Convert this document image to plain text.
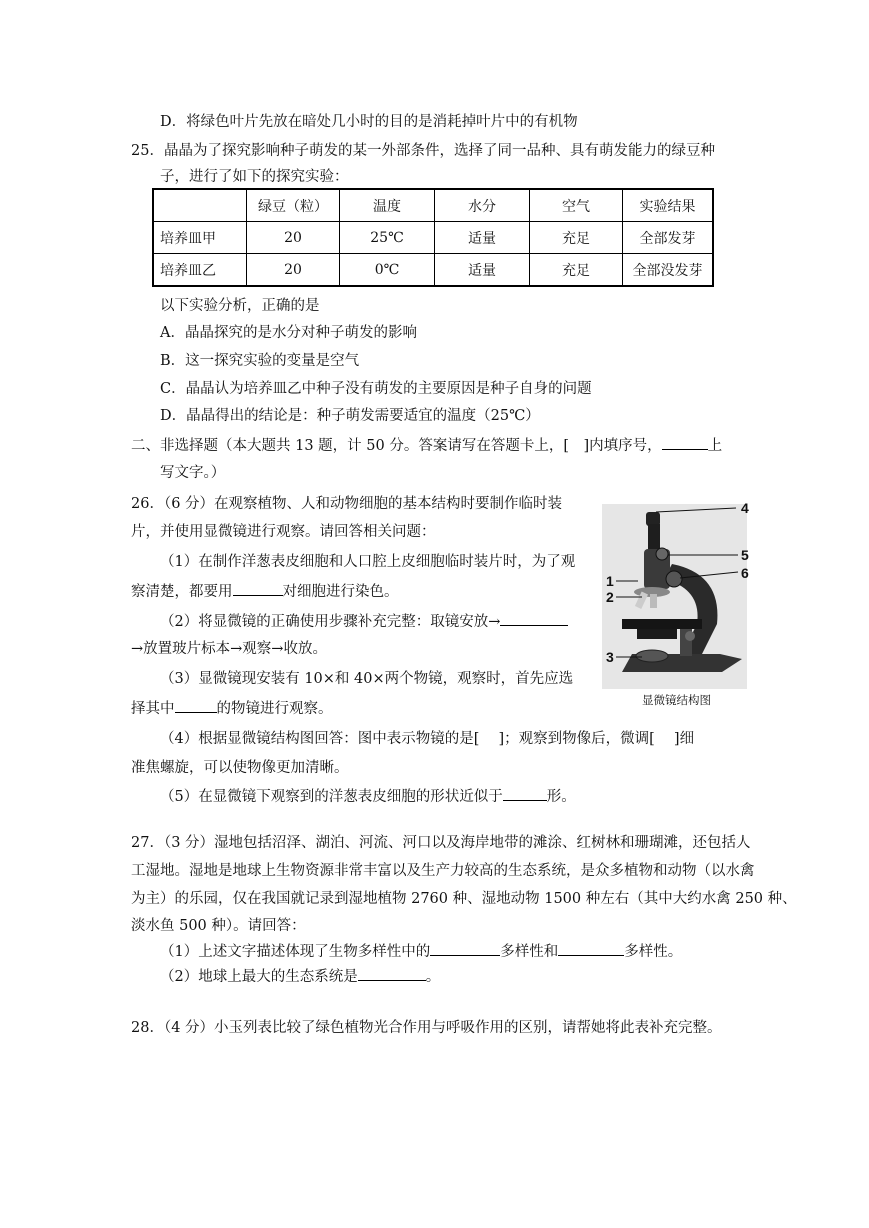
D．将绿色叶片先放在暗处几小时的目的是消耗掉叶片中的有机物
25．晶晶为了探究影响种子萌发的某一外部条件，选择了同一品种、具有萌发能力的绿豆种
子，进行了如下的探究实验：
	绿豆（粒）	温度	水分	空气	实验结果
培养皿甲	20	25℃	适量	充足	全部发芽
培养皿乙	20	0℃	适量	充足	全部没发芽
以下实验分析，正确的是
A．晶晶探究的是水分对种子萌发的影响
B．这一探究实验的变量是空气
C．晶晶认为培养皿乙中种子没有萌发的主要原因是种子自身的问题
D．晶晶得出的结论是：种子萌发需要适宜的温度（25℃）
二、非选择题（本大题共 13 题，计 50 分。答案请写在答题卡上，[　]内填序号，	上
写文字。）
26．（6 分）在观察植物、人和动物细胞的基本结构时要制作临时装
片，并使用显微镜进行观察。请回答相关问题：
（1）在制作洋葱表皮细胞和人口腔上皮细胞临时装片时，为了观
察清楚，都要用	对细胞进行染色。
（2）将显微镜的正确使用步骤补充完整：取镜安放→
→放置玻片标本→观察→收放。
（3）显微镜现安装有 10×和 40×两个物镜，观察时，首先应选
择其中	的物镜进行观察。
（4）根据显微镜结构图回答：图中表示物镜的是[　 ]；观察到物像后，微调[　 ]细
准焦螺旋，可以使物像更加清晰。
（5）在显微镜下观察到的洋葱表皮细胞的形状近似于	形。
显微镜结构图
4
5
6
1
2
3
27．（3 分）湿地包括沼泽、湖泊、河流、河口以及海岸地带的滩涂、红树林和珊瑚滩，还包括人
工湿地。湿地是地球上生物资源非常丰富以及生产力较高的生态系统，是众多植物和动物（以水禽
为主）的乐园，仅在我国就记录到湿地植物 2760 种、湿地动物 1500 种左右（其中大约水禽 250 种、
淡水鱼 500 种）。请回答：
（1）上述文字描述体现了生物多样性中的	多样性和	多样性。
（2）地球上最大的生态系统是	。
28．（4 分）小玉列表比较了绿色植物光合作用与呼吸作用的区别，请帮她将此表补充完整。
